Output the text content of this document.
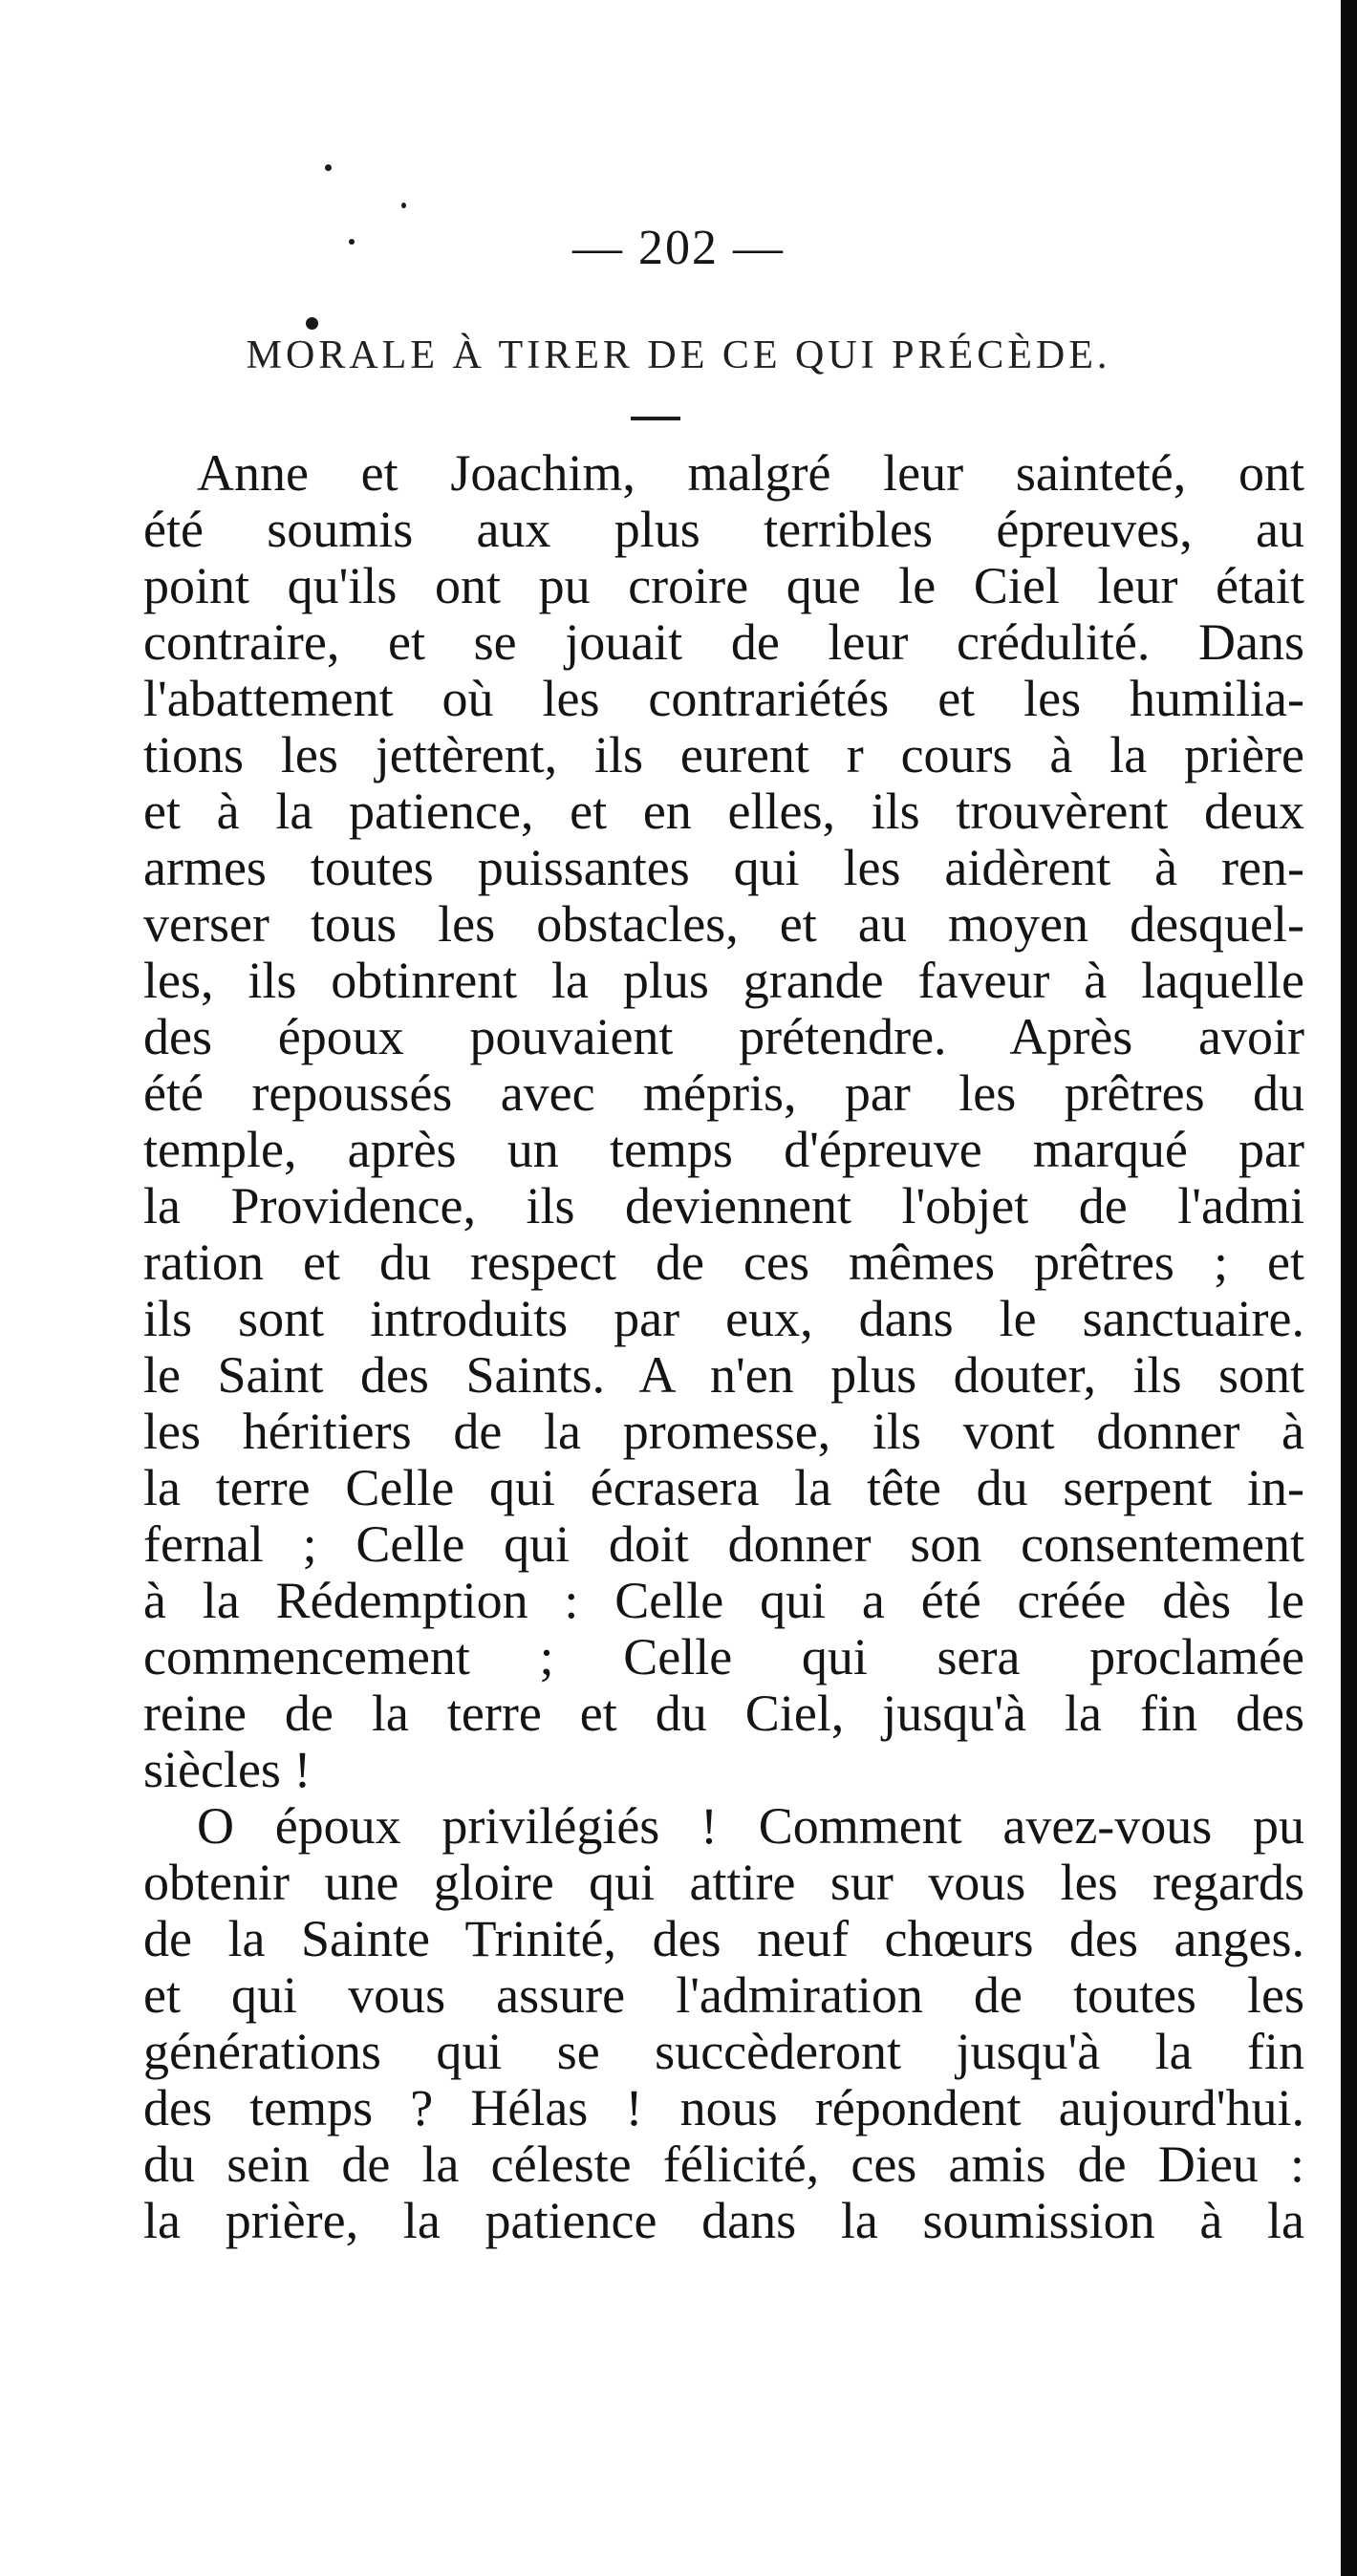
— 202 —
MORALE À TIRER DE CE QUI PRÉCÈDE.
Anne et Joachim, malgré leur sainteté, ont
été soumis aux plus terribles épreuves, au
point qu'ils ont pu croire que le Ciel leur était
contraire, et se jouait de leur crédulité. Dans
l'abattement où les contrariétés et les humilia-
tions les jettèrent, ils eurent r cours à la prière
et à la patience, et en elles, ils trouvèrent deux
armes toutes puissantes qui les aidèrent à ren-
verser tous les obstacles, et au moyen desquel-
les, ils obtinrent la plus grande faveur à laquelle
des époux pouvaient prétendre. Après avoir
été repoussés avec mépris, par les prêtres du
temple, après un temps d'épreuve marqué par
la Providence, ils deviennent l'objet de l'admi
ration et du respect de ces mêmes prêtres ; et
ils sont introduits par eux, dans le sanctuaire.
le Saint des Saints. A n'en plus douter, ils sont
les héritiers de la promesse, ils vont donner à
la terre Celle qui écrasera la tête du serpent in-
fernal ; Celle qui doit donner son consentement
à la Rédemption : Celle qui a été créée dès le
commencement ; Celle qui sera proclamée
reine de la terre et du Ciel, jusqu'à la fin des
siècles !
O époux privilégiés ! Comment avez-vous pu
obtenir une gloire qui attire sur vous les regards
de la Sainte Trinité, des neuf chœurs des anges.
et qui vous assure l'admiration de toutes les
générations qui se succèderont jusqu'à la fin
des temps ? Hélas ! nous répondent aujourd'hui.
du sein de la céleste félicité, ces amis de Dieu :
la prière, la patience dans la soumission à la
